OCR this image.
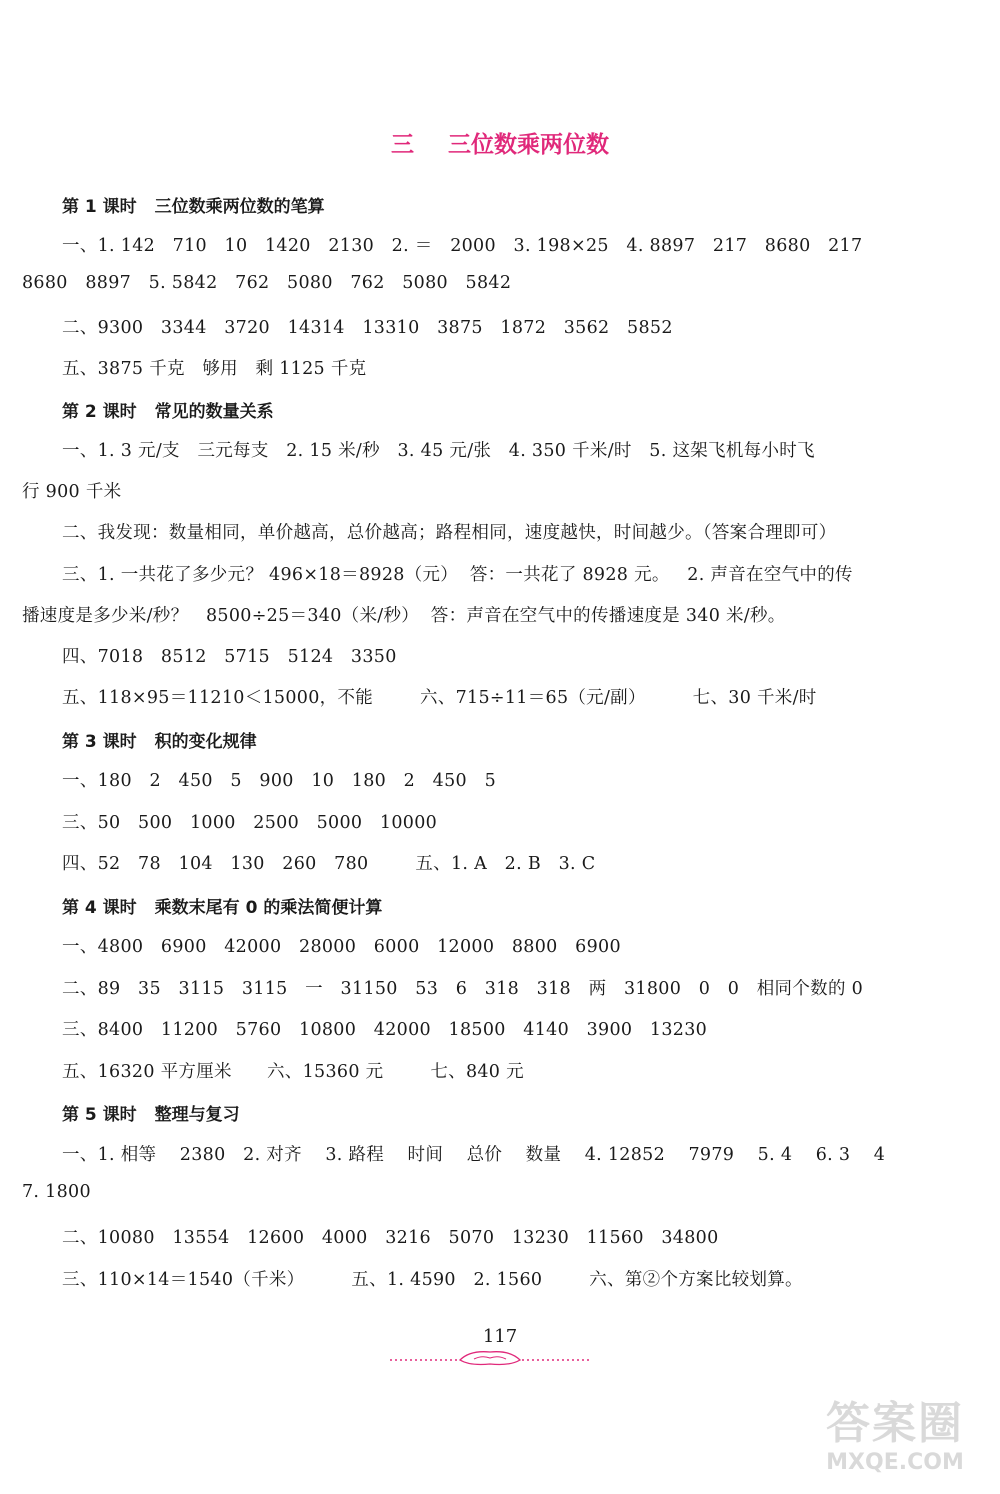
三 三位数乘两位数
第 1 课时 三位数乘两位数的笔算
一、1. 142   710   10   1420   2130   2. ＝   2000   3. 198×25   4. 8897   217   8680   217
8680   8897   5. 5842   762   5080   762   5080   5842
二、9300   3344   3720   14314   13310   3875   1872   3562   5852
五、3875 千克   够用   剩 1125 千克
第 2 课时 常见的数量关系
一、1. 3 元/支   三元每支   2. 15 米/秒   3. 45 元/张   4. 350 千米/时   5. 这架飞机每小时飞
行 900 千米
二、我发现：数量相同，单价越高，总价越高；路程相同，速度越快，时间越少。（答案合理即可）
三、1. 一共花了多少元？ 496×18＝8928（元）  答：一共花了 8928 元。   2. 声音在空气中的传
播速度是多少米/秒？   8500÷25＝340（米/秒）  答：声音在空气中的传播速度是 340 米/秒。
四、7018   8512   5715   5124   3350
五、118×95＝11210＜15000，不能        六、715÷11＝65（元/副）        七、30 千米/时
第 3 课时 积的变化规律
一、180   2   450   5   900   10   180   2   450   5
三、50   500   1000   2500   5000   10000
四、52   78   104   130   260   780        五、1. A   2. B   3. C
第 4 课时 乘数末尾有 0 的乘法简便计算
一、4800   6900   42000   28000   6000   12000   8800   6900
二、89   35   3115   3115   一   31150   53   6   318   318   两   31800   0   0   相同个数的 0
三、8400   11200   5760   10800   42000   18500   4140   3900   13230
五、16320 平方厘米      六、15360 元        七、840 元
第 5 课时 整理与复习
一、1. 相等    2380   2. 对齐    3. 路程    时间    总价    数量    4. 12852    7979    5. 4    6. 3    4
7. 1800
二、10080   13554   12600   4000   3216   5070   13230   11560   34800
三、110×14＝1540（千米）        五、1. 4590   2. 1560        六、第②个方案比较划算。
117
答案圈
MXQE.COM
